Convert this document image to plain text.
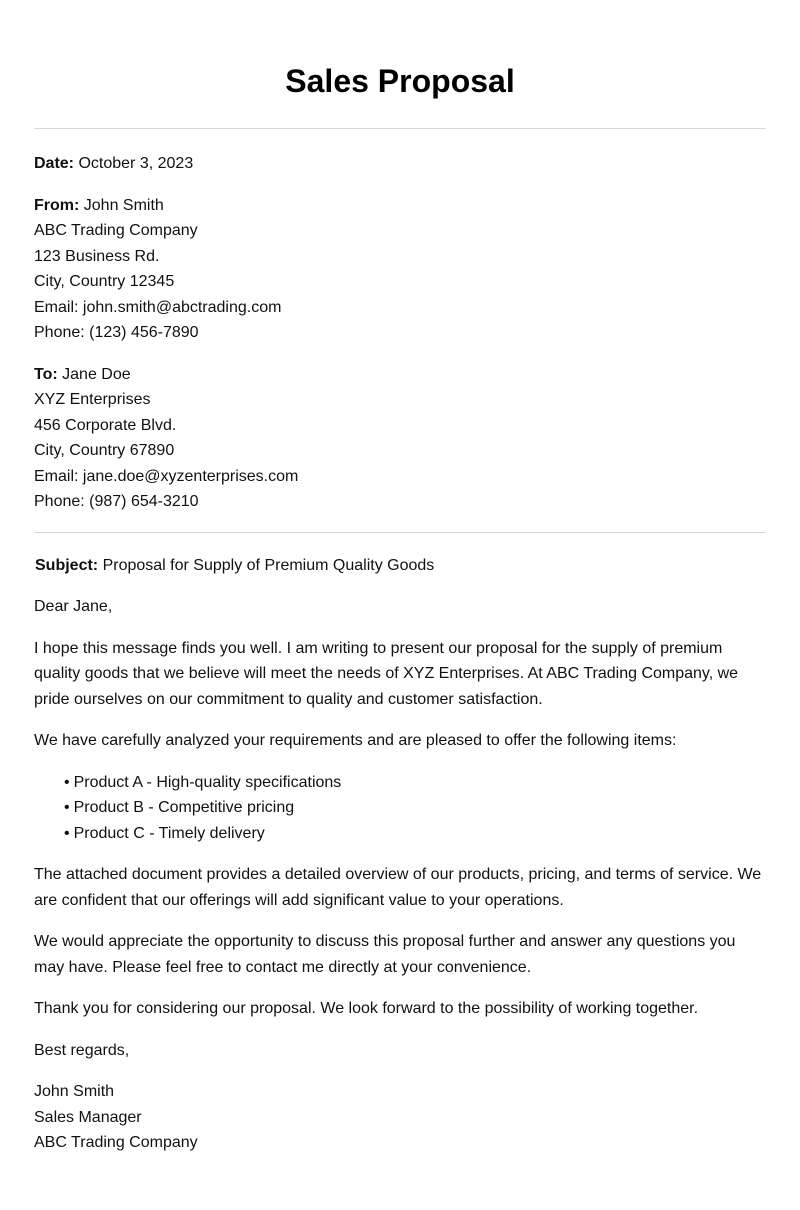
Sales Proposal
Date: October 3, 2023
From: John Smith
ABC Trading Company
123 Business Rd.
City, Country 12345
Email: john.smith@abctrading.com
Phone: (123) 456-7890
To: Jane Doe
XYZ Enterprises
456 Corporate Blvd.
City, Country 67890
Email: jane.doe@xyzenterprises.com
Phone: (987) 654-3210
Subject: Proposal for Supply of Premium Quality Goods

Dear Jane,

I hope this message finds you well. I am writing to present our proposal for the supply of premium quality goods that we believe will meet the needs of XYZ Enterprises. At ABC Trading Company, we pride ourselves on our commitment to quality and customer satisfaction.

We have carefully analyzed your requirements and are pleased to offer the following items:

• Product A - High-quality specifications
• Product B - Competitive pricing
• Product C - Timely delivery

The attached document provides a detailed overview of our products, pricing, and terms of service. We are confident that our offerings will add significant value to your operations.

We would appreciate the opportunity to discuss this proposal further and answer any questions you may have. Please feel free to contact me directly at your convenience.

Thank you for considering our proposal. We look forward to the possibility of working together.

Best regards,

John Smith
Sales Manager
ABC Trading Company
